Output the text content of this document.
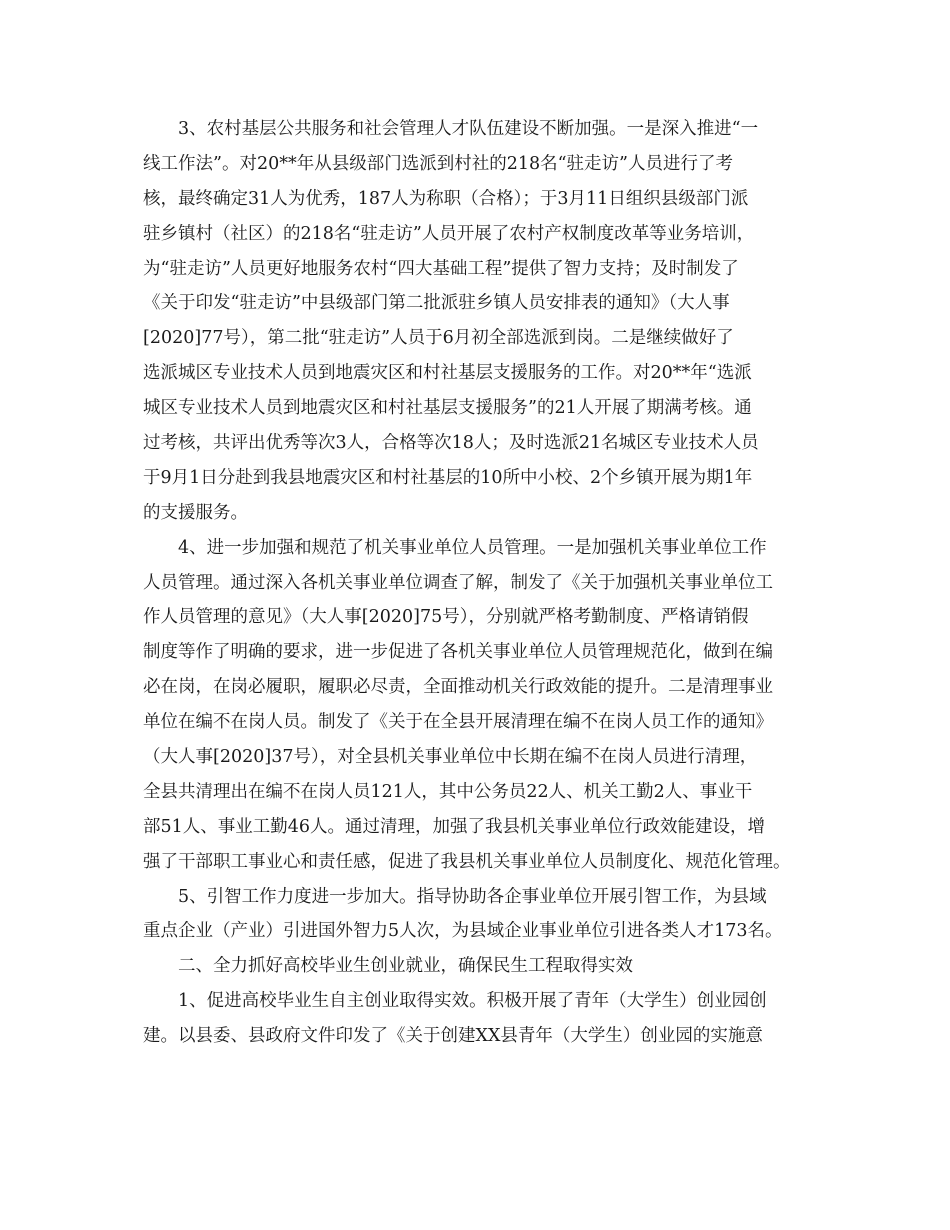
3、农村基层公共服务和社会管理人才队伍建设不断加强。一是深入推进“一
线工作法”。对20**年从县级部门选派到村社的218名“驻走访”人员进行了考
核，最终确定31人为优秀，187人为称职（合格）；于3月11日组织县级部门派
驻乡镇村（社区）的218名“驻走访”人员开展了农村产权制度改革等业务培训，
为“驻走访”人员更好地服务农村“四大基础工程”提供了智力支持；及时制发了
《关于印发“驻走访”中县级部门第二批派驻乡镇人员安排表的通知》（大人事
[2020]77号），第二批“驻走访”人员于6月初全部选派到岗。二是继续做好了
选派城区专业技术人员到地震灾区和村社基层支援服务的工作。对20**年“选派
城区专业技术人员到地震灾区和村社基层支援服务”的21人开展了期满考核。通
过考核，共评出优秀等次3人，合格等次18人；及时选派21名城区专业技术人员
于9月1日分赴到我县地震灾区和村社基层的10所中小校、2个乡镇开展为期1年
的支援服务。
4、进一步加强和规范了机关事业单位人员管理。一是加强机关事业单位工作
人员管理。通过深入各机关事业单位调查了解，制发了《关于加强机关事业单位工
作人员管理的意见》（大人事[2020]75号），分别就严格考勤制度、严格请销假
制度等作了明确的要求，进一步促进了各机关事业单位人员管理规范化，做到在编
必在岗，在岗必履职，履职必尽责，全面推动机关行政效能的提升。二是清理事业
单位在编不在岗人员。制发了《关于在全县开展清理在编不在岗人员工作的通知》
（大人事[2020]37号），对全县机关事业单位中长期在编不在岗人员进行清理，
全县共清理出在编不在岗人员121人，其中公务员22人、机关工勤2人、事业干
部51人、事业工勤46人。通过清理，加强了我县机关事业单位行政效能建设，增
强了干部职工事业心和责任感，促进了我县机关事业单位人员制度化、规范化管理。
5、引智工作力度进一步加大。指导协助各企事业单位开展引智工作，为县域
重点企业（产业）引进国外智力5人次，为县域企业事业单位引进各类人才173名。
二、全力抓好高校毕业生创业就业，确保民生工程取得实效
1、促进高校毕业生自主创业取得实效。积极开展了青年（大学生）创业园创
建。以县委、县政府文件印发了《关于创建XX县青年（大学生）创业园的实施意
